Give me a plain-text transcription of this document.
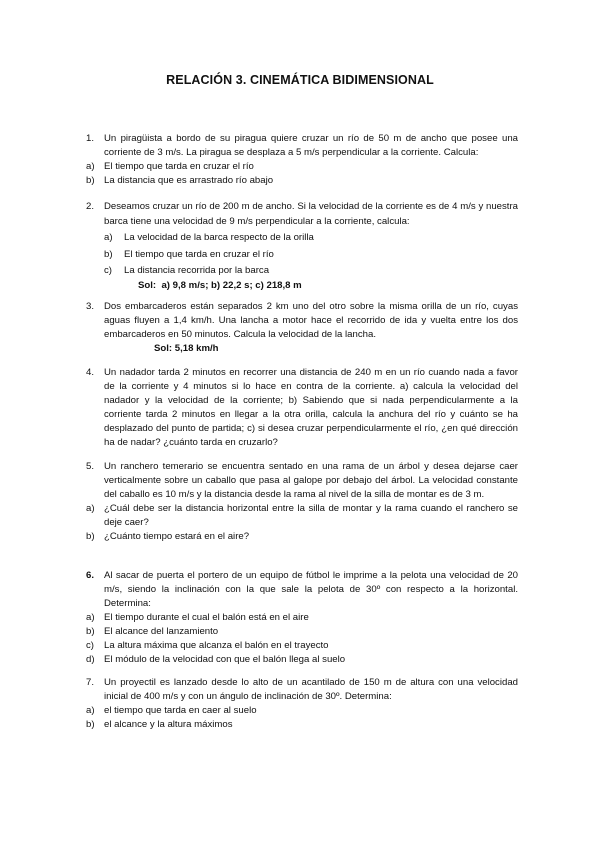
RELACIÓN 3. CINEMÁTICA BIDIMENSIONAL
1. Un piragüista a bordo de su piragua quiere cruzar un río de 50 m de ancho que posee una corriente de 3 m/s. La piragua se desplaza a 5 m/s perpendicular a la corriente. Calcula:
a) El tiempo que tarda en cruzar el río
b) La distancia que es arrastrado río abajo
2. Deseamos cruzar un río de 200 m de ancho. Si la velocidad de la corriente es de 4 m/s y nuestra barca tiene una velocidad de 9 m/s perpendicular a la corriente, calcula:
a)	La velocidad de la barca respecto de la orilla
b)	El tiempo que tarda en cruzar el río
c)	La distancia recorrida por la barca
Sol: a) 9,8 m/s; b) 22,2 s; c) 218,8 m
3. Dos embarcaderos están separados 2 km uno del otro sobre la misma orilla de un río, cuyas aguas fluyen a 1,4 km/h. Una lancha a motor hace el recorrido de ida y vuelta entre los dos embarcaderos en 50 minutos. Calcula la velocidad de la lancha.
Sol: 5,18 km/h
4. Un nadador tarda 2 minutos en recorrer una distancia de 240 m en un río cuando nada a favor de la corriente y 4 minutos si lo hace en contra de la corriente. a) calcula la velocidad del nadador y la velocidad de la corriente; b) Sabiendo que si nada perpendicularmente a la corriente tarda 2 minutos en llegar a la otra orilla, calcula la anchura del río y cuánto se ha desplazado del punto de partida; c) si desea cruzar perpendicularmente el río, ¿en qué dirección ha de nadar? ¿cuánto tarda en cruzarlo?
5. Un ranchero temerario se encuentra sentado en una rama de un árbol y desea dejarse caer verticalmente sobre un caballo que pasa al galope por debajo del árbol. La velocidad constante del caballo es 10 m/s y la distancia desde la rama al nivel de la silla de montar es de 3 m.
a) ¿Cuál debe ser la distancia horizontal entre la silla de montar y la rama cuando el ranchero se deje caer?
b) ¿Cuánto tiempo estará en el aire?
6. Al sacar de puerta el portero de un equipo de fútbol le imprime a la pelota una velocidad de 20 m/s, siendo la inclinación con la que sale la pelota de 30º con respecto a la horizontal. Determina:
a) El tiempo durante el cual el balón está en el aire
b) El alcance del lanzamiento
c)	La altura máxima que alcanza el balón en el trayecto
d) El módulo de la velocidad con que el balón llega al suelo
7. Un proyectil es lanzado desde lo alto de un acantilado de 150 m de altura con una velocidad inicial de 400 m/s y con un ángulo de inclinación de 30º. Determina:
a) el tiempo que tarda en caer al suelo
b) el alcance y la altura máximos
